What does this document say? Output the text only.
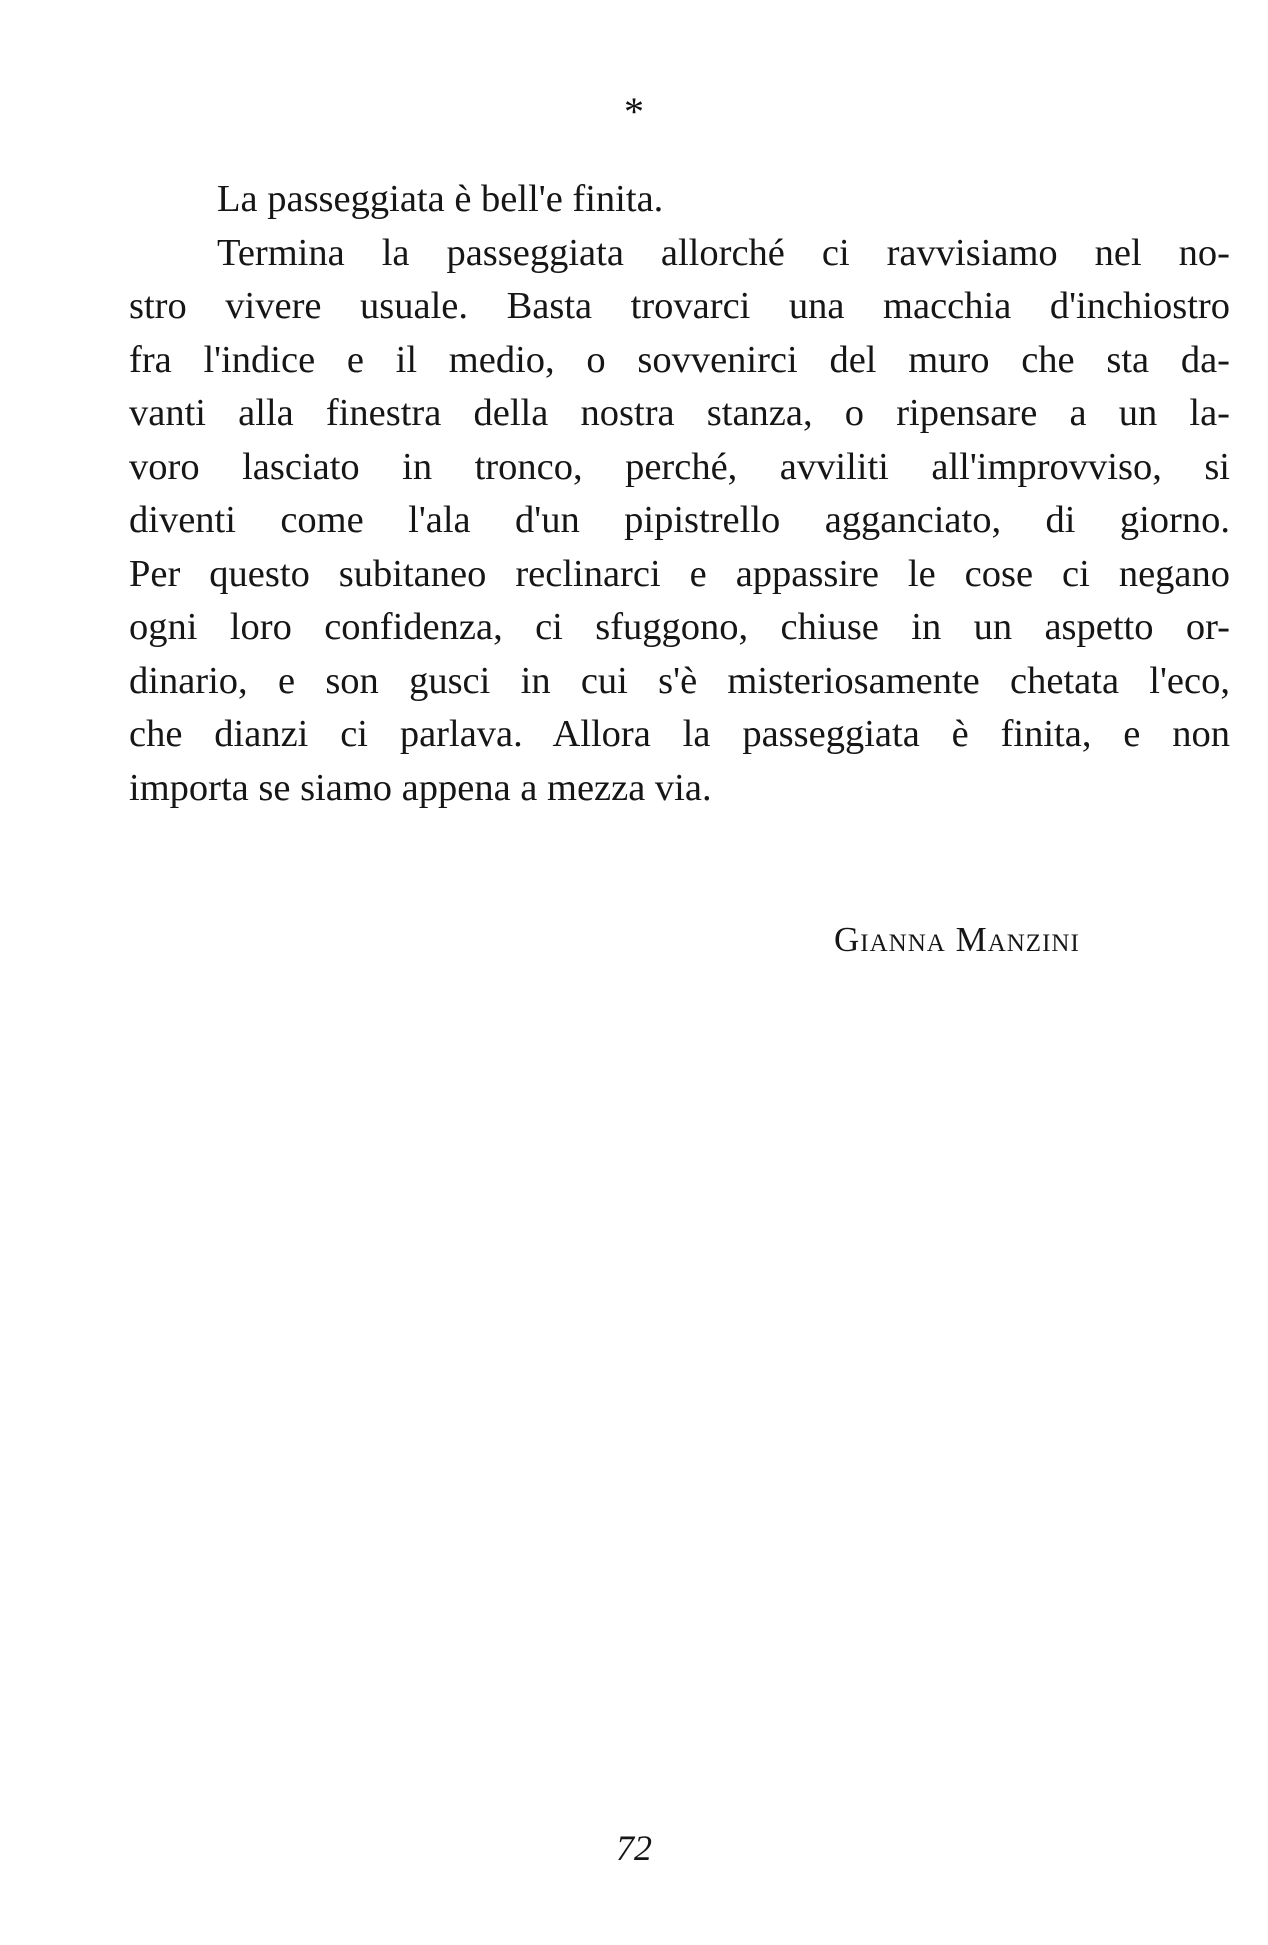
*
La passeggiata è bell'e finita.
Termina la passeggiata allorché ci ravvisiamo nel no-
stro vivere usuale. Basta trovarci una macchia d'inchiostro
fra l'indice e il medio, o sovvenirci del muro che sta da-
vanti alla finestra della nostra stanza, o ripensare a un la-
voro lasciato in tronco, perché, avviliti all'improvviso, si
diventi come l'ala d'un pipistrello agganciato, di giorno.
Per questo subitaneo reclinarci e appassire le cose ci negano
ogni loro confidenza, ci sfuggono, chiuse in un aspetto or-
dinario, e son gusci in cui s'è misteriosamente chetata l'eco,
che dianzi ci parlava. Allora la passeggiata è finita, e non
importa se siamo appena a mezza via.
Gianna Manzini
72
